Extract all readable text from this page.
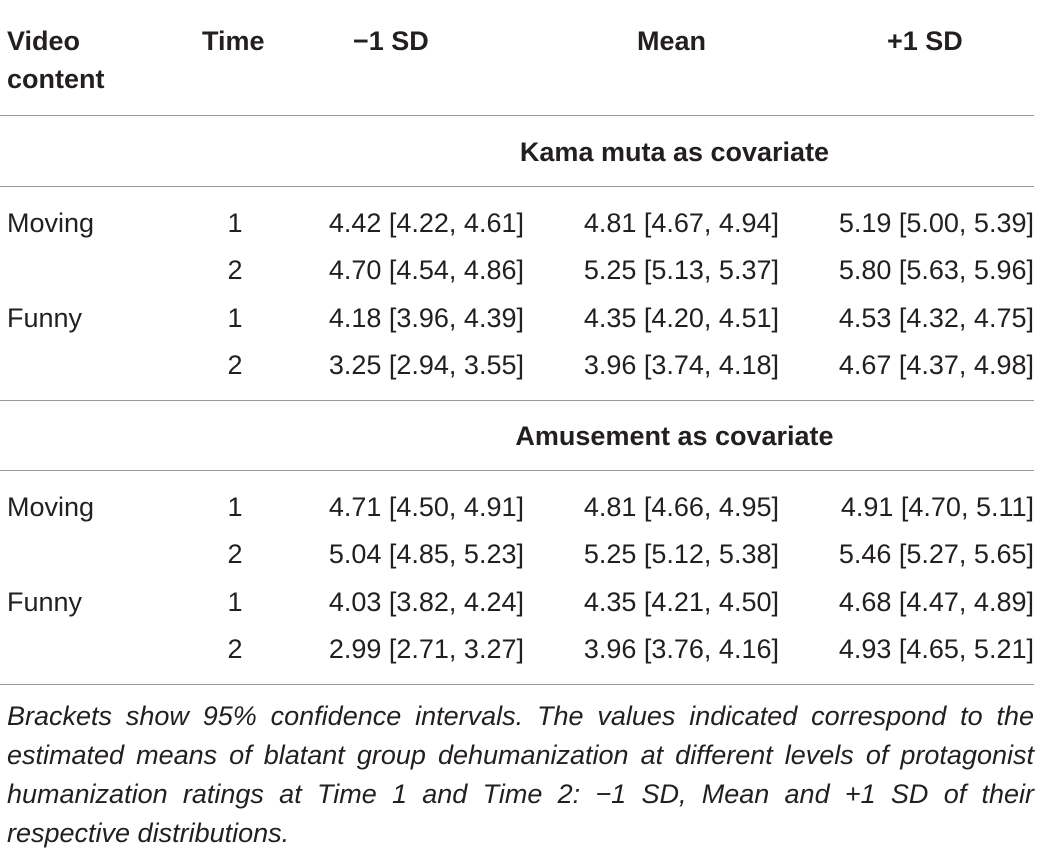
Video
content
Time	−1 SD	Mean	+1 SD
Kama muta as covariate
Moving	1	4.42 [4.22, 4.61] 4.81 [4.67, 4.94] 5.19 [5.00, 5.39]
2	4.70 [4.54, 4.86] 5.25 [5.13, 5.37] 5.80 [5.63, 5.96]
Funny	1	4.18 [3.96, 4.39] 4.35 [4.20, 4.51] 4.53 [4.32, 4.75]
2	3.25 [2.94, 3.55] 3.96 [3.74, 4.18] 4.67 [4.37, 4.98]
Amusement as covariate
Moving	1	4.71 [4.50, 4.91] 4.81 [4.66, 4.95] 4.91 [4.70, 5.11]
2	5.04 [4.85, 5.23] 5.25 [5.12, 5.38] 5.46 [5.27, 5.65]
Funny	1	4.03 [3.82, 4.24] 4.35 [4.21, 4.50] 4.68 [4.47, 4.89]
2	2.99 [2.71, 3.27] 3.96 [3.76, 4.16] 4.93 [4.65, 5.21]
Brackets show 95% confidence intervals. The values indicated correspond to the estimated means of blatant group dehumanization at different levels of protagonist humanization ratings at Time 1 and Time 2: −1 SD, Mean and +1 SD of their respective distributions.
